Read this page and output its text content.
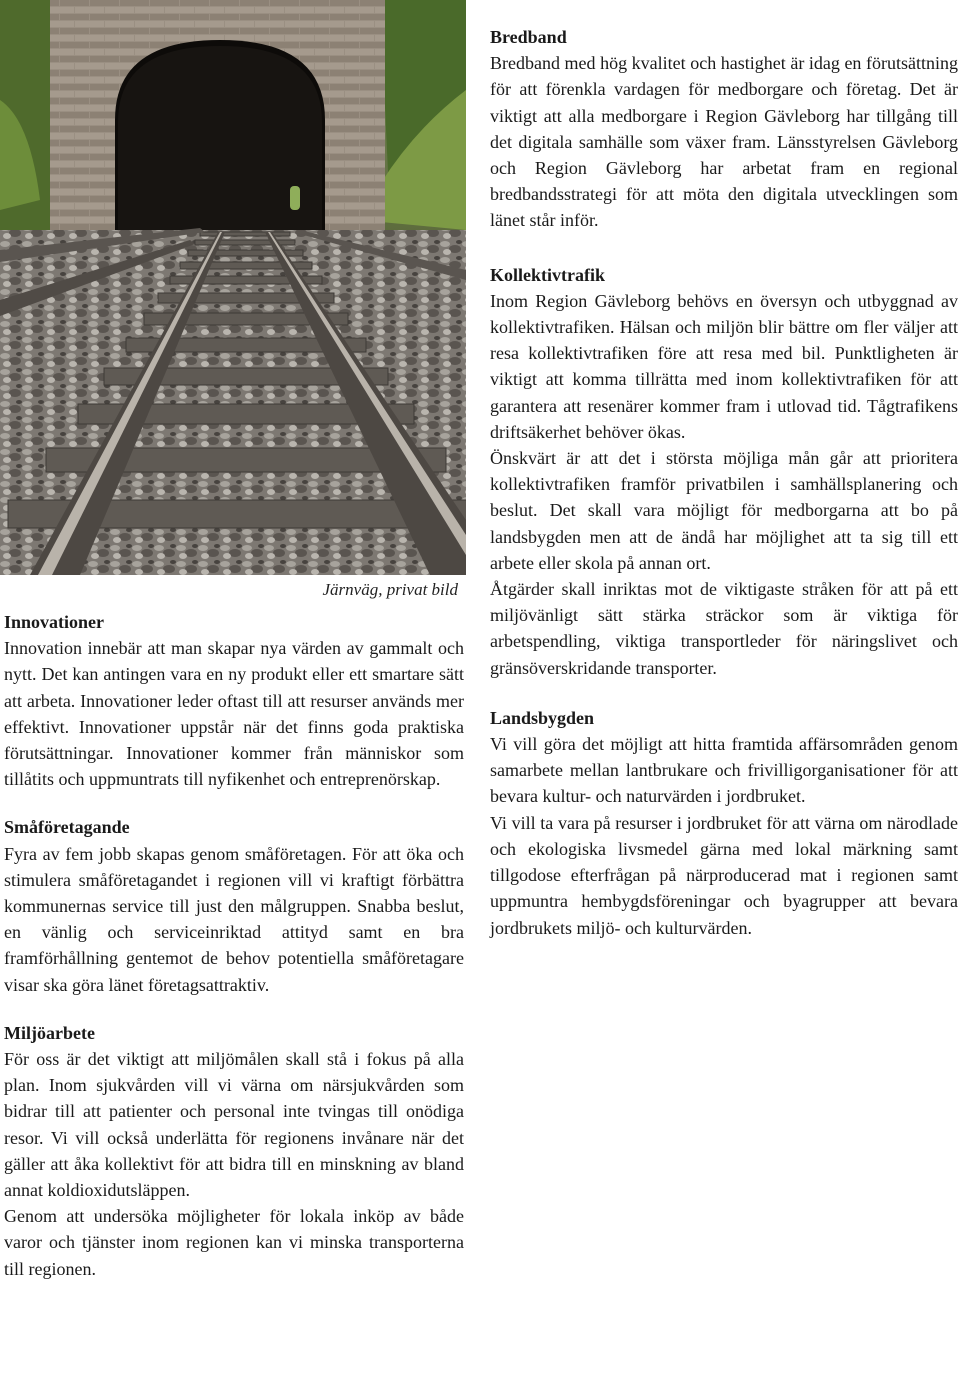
Järnväg, privat bild
Innovationer

Innovation innebär att man skapar nya värden av gammalt och nytt. Det kan antingen vara en ny produkt eller ett smartare sätt att arbeta. Innovationer leder oftast till att resurser används mer effektivt. Innovationer uppstår när det finns goda praktiska förutsättningar. Innovationer kommer från människor som tillåtits och uppmuntrats till nyfikenhet och entreprenörskap.

Småföretagande

Fyra av fem jobb skapas genom småföretagen. För att öka och stimulera småföretagandet i regionen vill vi kraftigt förbättra kommunernas service till just den målgruppen. Snabba beslut, en vänlig och serviceinriktad attityd samt en bra framförhållning gentemot de behov potentiella småföretagare visar ska göra länet företagsattraktiv.

Miljöarbete

För oss är det viktigt att miljömålen skall stå i fokus på alla plan. Inom sjukvården vill vi värna om närsjukvården som bidrar till att patienter och personal inte tvingas till onödiga resor. Vi vill också underlätta för regionens invånare när det gäller att åka kollektivt för att bidra till en minskning av bland annat koldioxidutsläppen.

Genom att undersöka möjligheter för lokala inköp av både varor och tjänster inom regionen kan vi minska transporterna till regionen.

Bredband

Bredband med hög kvalitet och hastighet är idag en förutsättning för att förenkla vardagen för medborgare och företag. Det är viktigt att alla medborgare i Region Gävleborg har tillgång till det digitala samhälle som växer fram. Länsstyrelsen Gävleborg och Region Gävleborg har arbetat fram en regional bredbandsstrategi för att möta den digitala utvecklingen som länet står inför.

Kollektivtrafik

Inom Region Gävleborg behövs en översyn och utbyggnad av kollektivtrafiken. Hälsan och miljön blir bättre om fler väljer att resa kollektivtrafiken före att resa med bil. Punktligheten är viktigt att komma tillrätta med inom kollektivtrafiken för att garantera att resenärer kommer fram i utlovad tid. Tågtrafikens driftsäkerhet behöver ökas.

Önskvärt är att det i största möjliga mån går att prioritera kollektivtrafiken framför privatbilen i samhällsplanering och beslut. Det skall vara möjligt för medborgarna att bo på landsbygden men att de ändå har möjlighet att ta sig till ett arbete eller skola på annan ort.

Åtgärder skall inriktas mot de viktigaste stråken för att på ett miljövänligt sätt stärka sträckor som är viktiga för arbetspendling, viktiga transportleder för näringslivet och gränsöverskridande transporter.

Landsbygden

Vi vill göra det möjligt att hitta framtida affärsområden genom samarbete mellan lantbrukare och frivilligorganisationer för att bevara kultur- och naturvärden i jordbruket.

Vi vill ta vara på resurser i jordbruket för att värna om närodlade och ekologiska livsmedel gärna med lokal märkning samt tillgodose efterfrågan på närproducerad mat i regionen samt uppmuntra hembygdsföreningar och byagrupper att bevara jordbrukets miljö- och kulturvärden.
